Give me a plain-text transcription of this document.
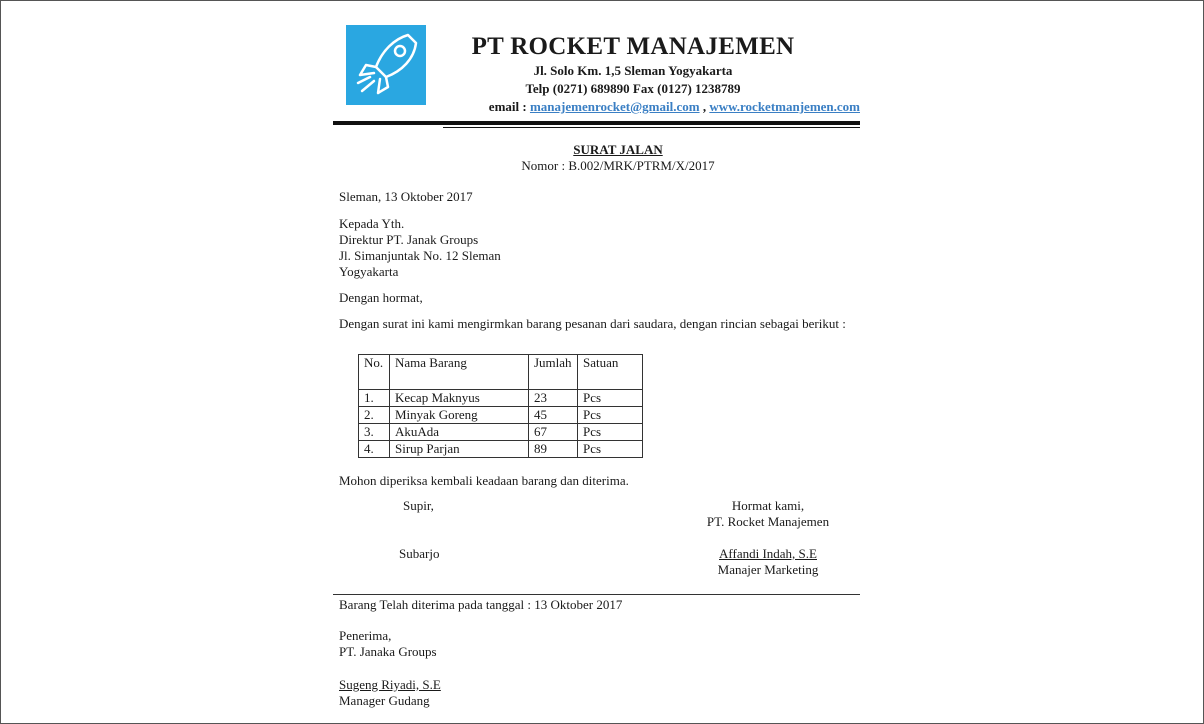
PT ROCKET MANAJEMEN
Jl. Solo Km. 1,5 Sleman Yogyakarta
Telp (0271) 689890 Fax (0127) 1238789
email : manajemenrocket@gmail.com , www.rocketmanjemen.com
SURAT JALAN
Nomor : B.002/MRK/PTRM/X/2017
Sleman, 13 Oktober 2017
Kepada Yth.
Direktur PT. Janak Groups
Jl. Simanjuntak No. 12 Sleman
Yogyakarta
Dengan hormat,
Dengan surat ini kami mengirmkan barang pesanan dari saudara, dengan rincian sebagai berikut :
No.	Nama Barang	Jumlah	Satuan
1.	Kecap Maknyus	23	Pcs
2.	Minyak Goreng	45	Pcs
3.	AkuAda	67	Pcs
4.	Sirup Parjan	89	Pcs
Mohon diperiksa kembali keadaan barang dan diterima.
Supir,
Subarjo
Hormat kami,
PT. Rocket Manajemen
Affandi Indah, S.E
Manajer Marketing
Barang Telah diterima pada tanggal : 13 Oktober 2017
Penerima,
PT. Janaka Groups
Sugeng Riyadi, S.E
Manager Gudang
